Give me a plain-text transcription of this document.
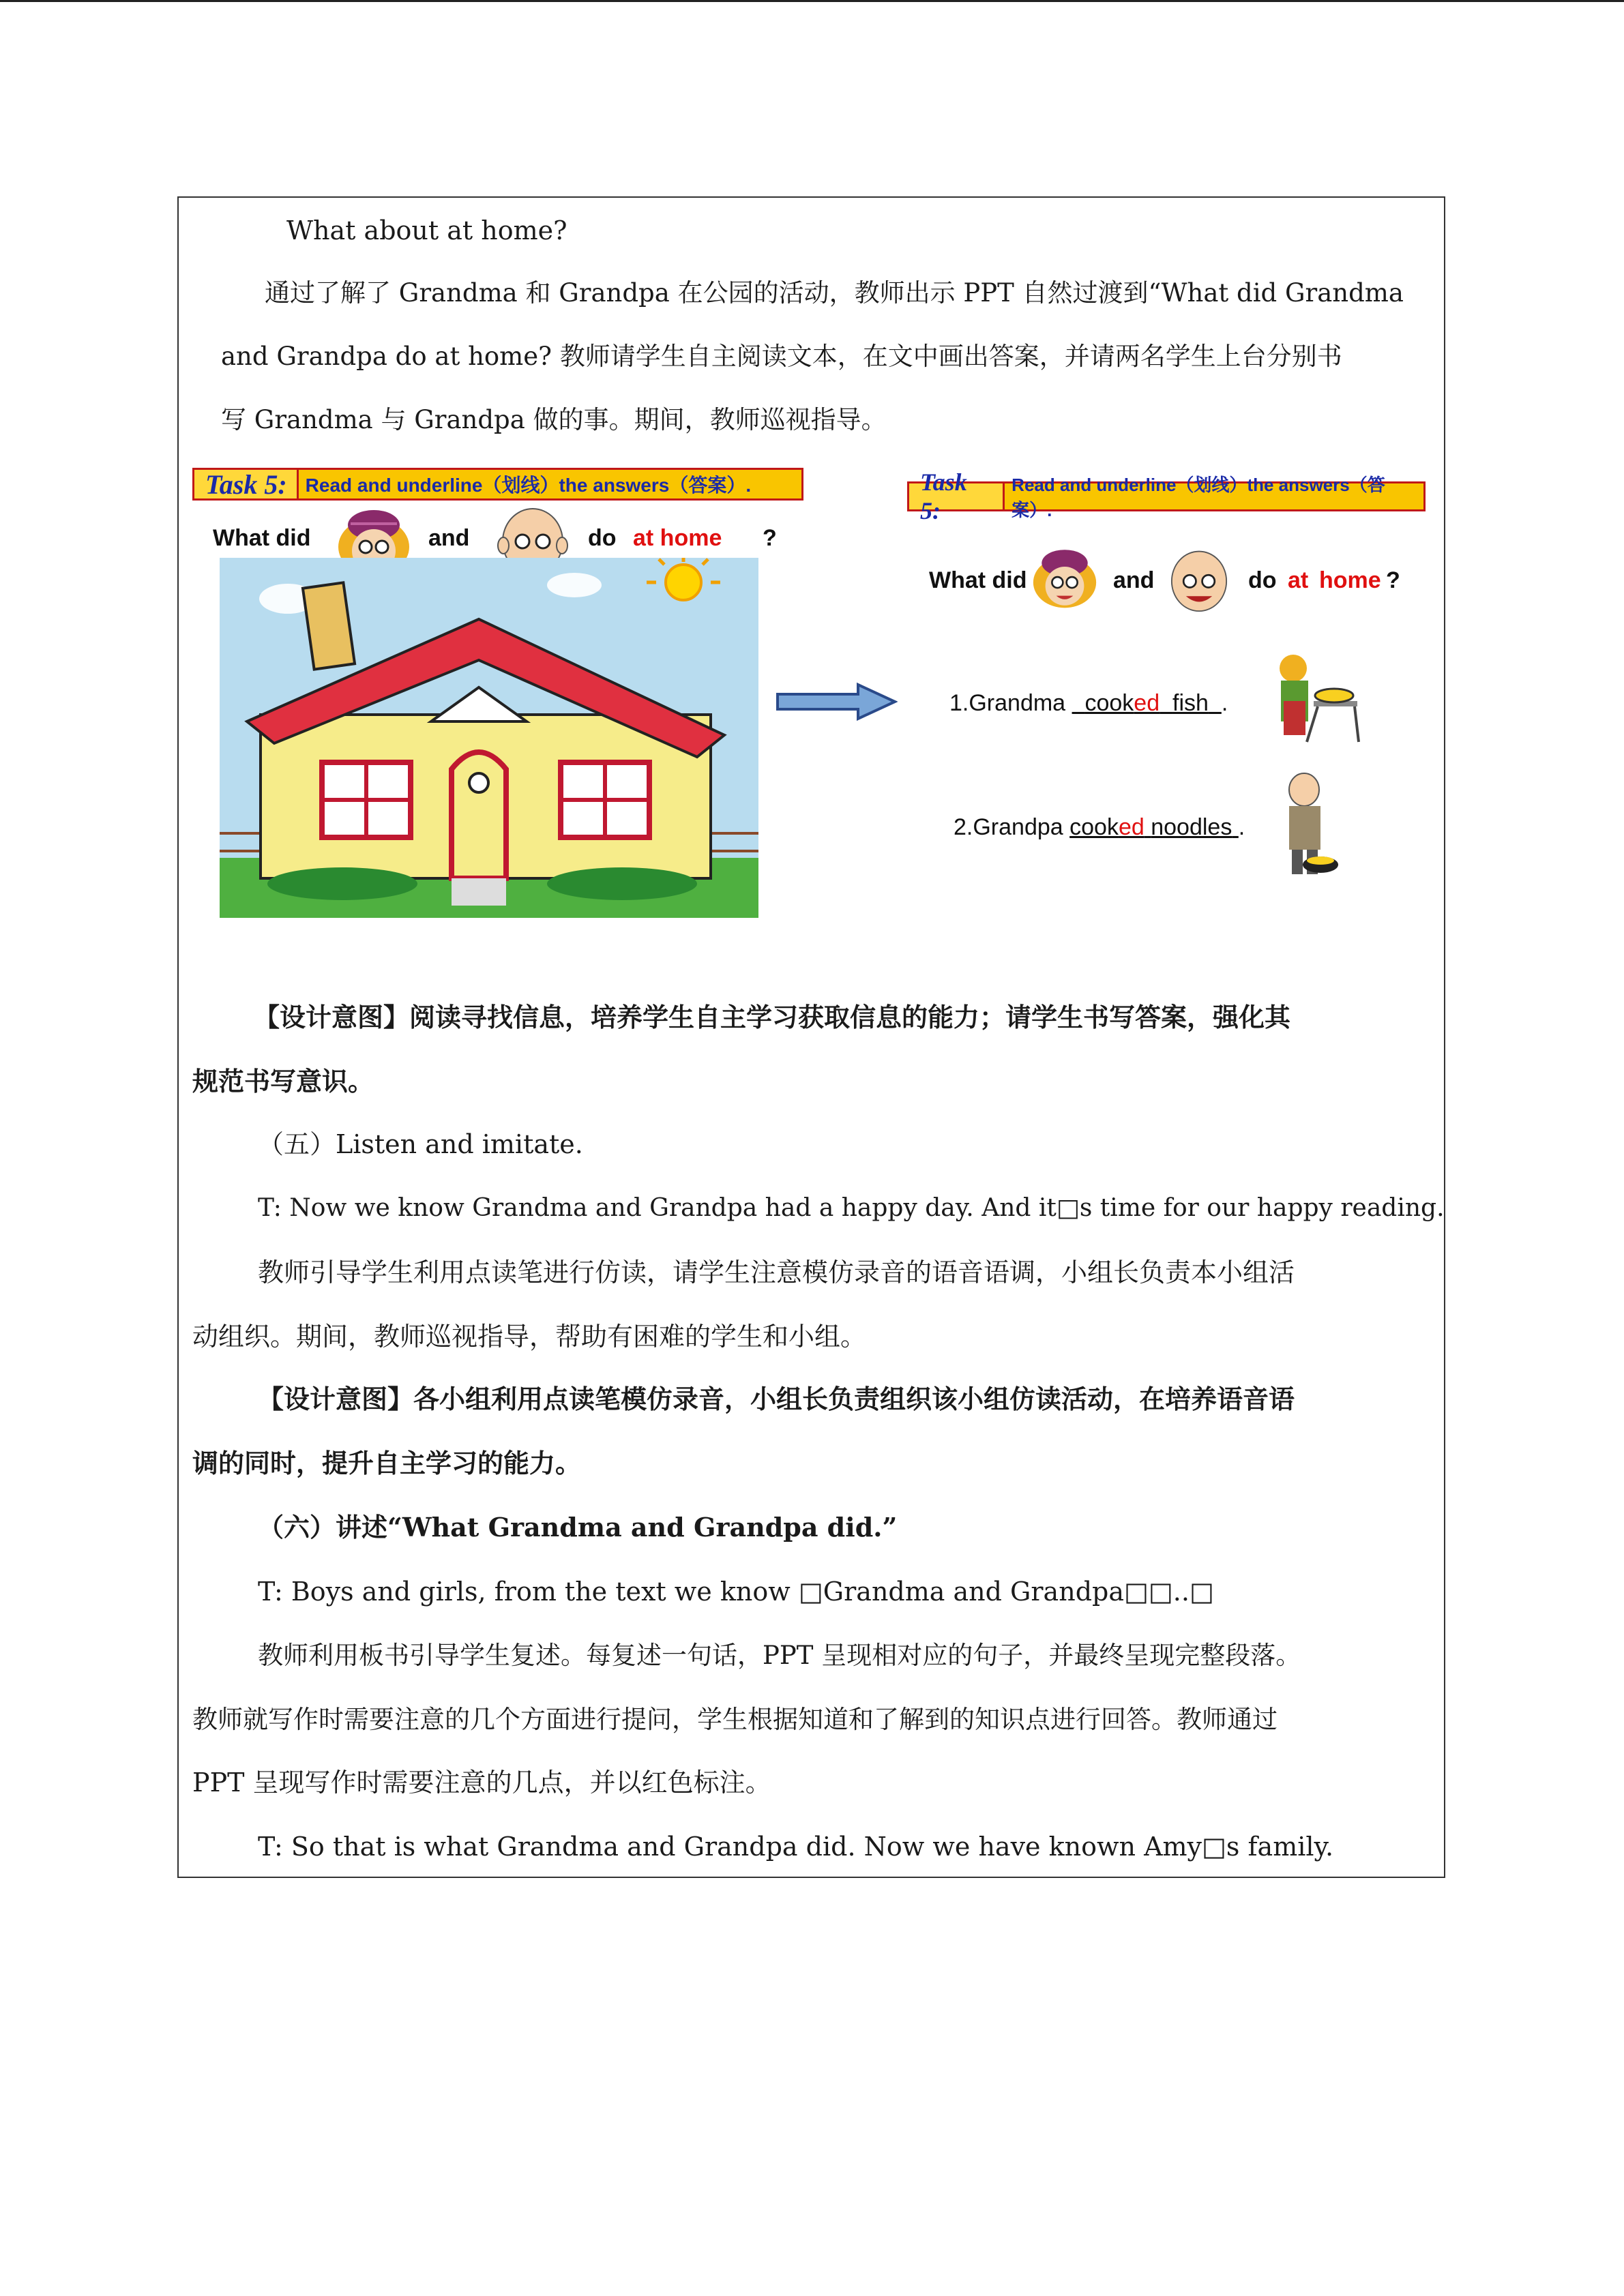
What about at home?
通过了解了 Grandma 和 Grandpa 在公园的活动，教师出示 PPT 自然过渡到“What did Grandma
and Grandpa do at home? 教师请学生自主阅读文本，在文中画出答案，并请两名学生上台分别书
写 Grandma 与 Grandpa 做的事。期间，教师巡视指导。
Task 5: Read and underline（划线）the answers（答案）.
What did	and	do at home ?
Task 5:
Read and underline（划线）the answers（答案）.
What did	and	do at home ?
1.Grandma cooked fish .
2.Grandpa cooked noodles .
【设计意图】阅读寻找信息，培养学生自主学习获取信息的能力；请学生书写答案，强化其
规范书写意识。
（五）Listen and imitate.
T: Now we know Grandma and Grandpa had a happy day. And it□s time for our happy reading.
教师引导学生利用点读笔进行仿读，请学生注意模仿录音的语音语调，小组长负责本小组活
动组织。期间，教师巡视指导，帮助有困难的学生和小组。
【设计意图】各小组利用点读笔模仿录音，小组长负责组织该小组仿读活动，在培养语音语
调的同时，提升自主学习的能力。
（六）讲述“What Grandma and Grandpa did.”
T: Boys and girls, from the text we know □Grandma and Grandpa□□..□
教师利用板书引导学生复述。每复述一句话，PPT 呈现相对应的句子，并最终呈现完整段落。
教师就写作时需要注意的几个方面进行提问，学生根据知道和了解到的知识点进行回答。教师通过
PPT 呈现写作时需要注意的几点，并以红色标注。
T: So that is what Grandma and Grandpa did. Now we have known Amy□s family.
